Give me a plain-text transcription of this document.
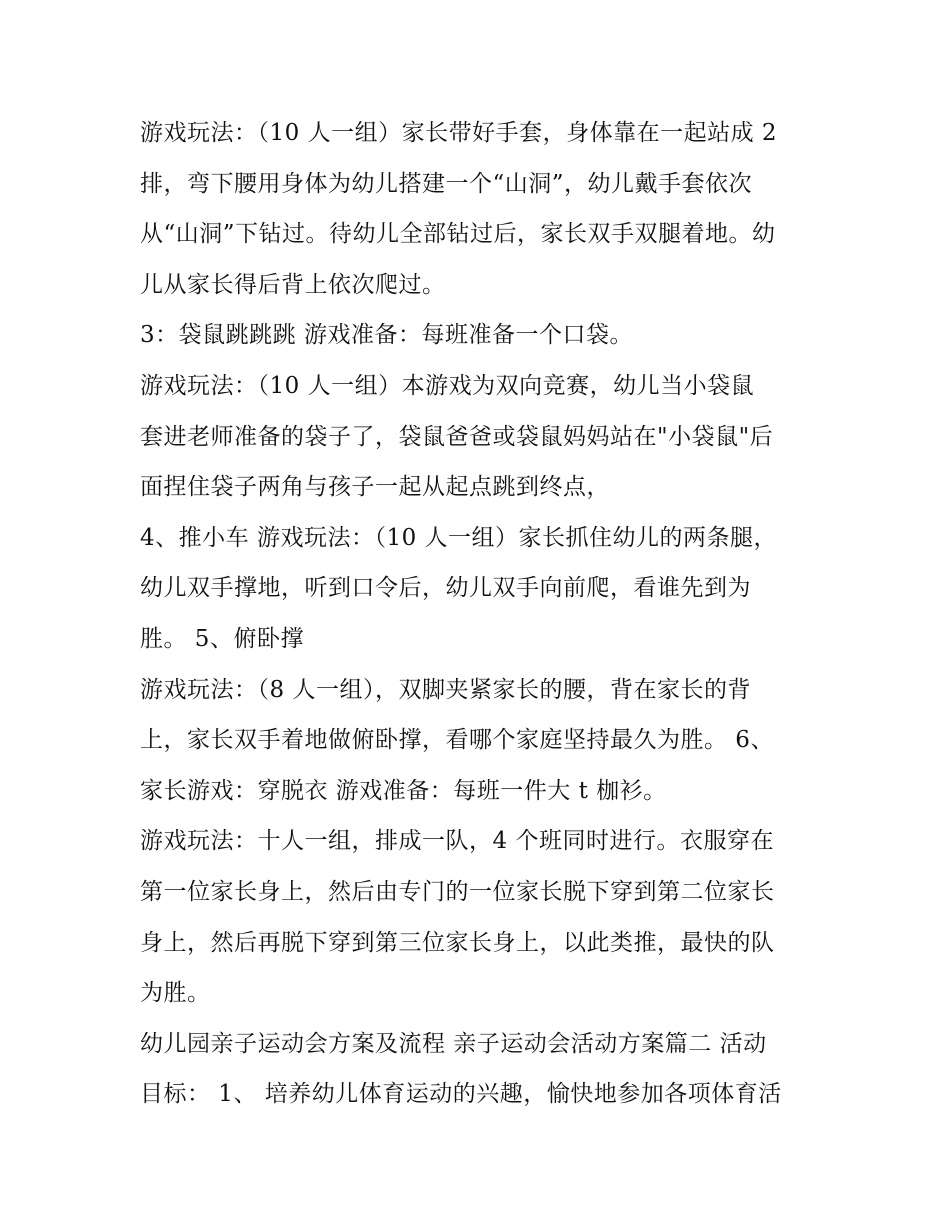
游戏玩法：（10 人一组）家长带好手套，身体靠在一起站成 2
排，弯下腰用身体为幼儿搭建一个“山洞”，幼儿戴手套依次
从“山洞”下钻过。待幼儿全部钻过后，家长双手双腿着地。幼
儿从家长得后背上依次爬过。
3：袋鼠跳跳跳 游戏准备：每班准备一个口袋。
游戏玩法：（10 人一组）本游戏为双向竞赛，幼儿当小袋鼠
套进老师准备的袋子了，袋鼠爸爸或袋鼠妈妈站在"小袋鼠"后
面捏住袋子两角与孩子一起从起点跳到终点，
4、推小车 游戏玩法：（10 人一组）家长抓住幼儿的两条腿，
幼儿双手撑地，听到口令后，幼儿双手向前爬，看谁先到为
胜。 5、俯卧撑
游戏玩法：（8 人一组），双脚夹紧家长的腰，背在家长的背
上，家长双手着地做俯卧撑，看哪个家庭坚持最久为胜。 6、
家长游戏：穿脱衣 游戏准备：每班一件大 t 枷衫。
游戏玩法：十人一组，排成一队，4 个班同时进行。衣服穿在
第一位家长身上，然后由专门的一位家长脱下穿到第二位家长
身上，然后再脱下穿到第三位家长身上，以此类推，最快的队
为胜。
幼儿园亲子运动会方案及流程 亲子运动会活动方案篇二 活动
目标： 1、 培养幼儿体育运动的兴趣，愉快地参加各项体育活
